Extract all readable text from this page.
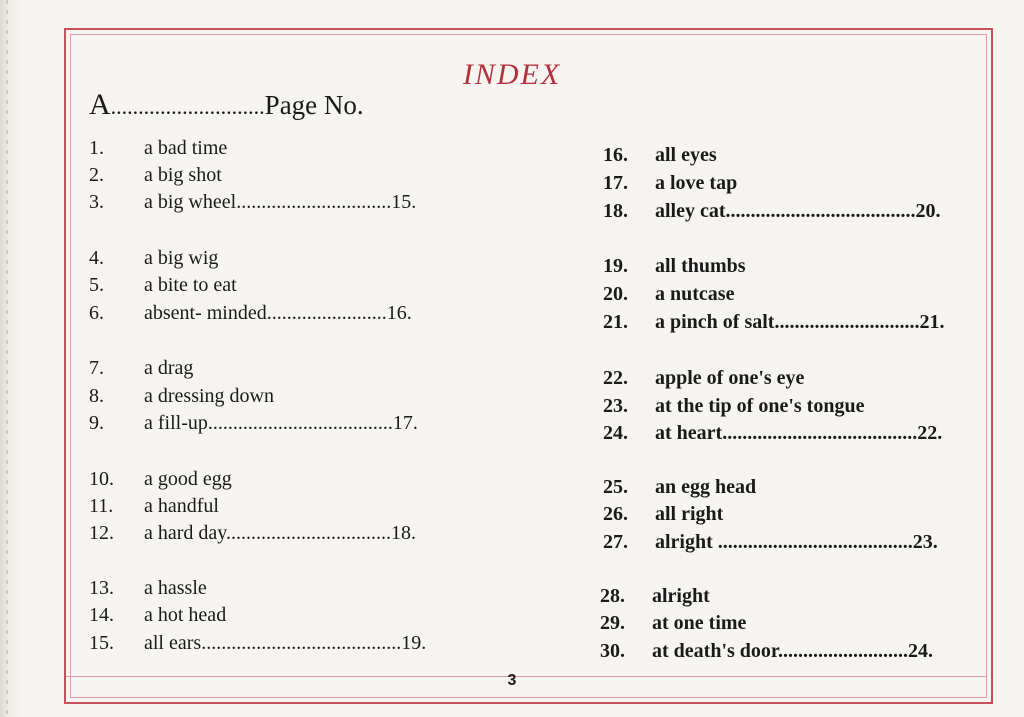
INDEX
A............................Page No.
1. a bad time
2. a big shot
3. a big wheel...............................15.
4. a big wig
5. a bite to eat
6. absent- minded........................16.
7. a drag
8. a dressing down
9. a fill-up.....................................17.
10. a good egg
11. a handful
12. a hard day.................................18.
13. a hassle
14. a hot head
15. all ears........................................19.
16. all eyes
17. a love tap
18. alley cat......................................20.
19. all thumbs
20. a nutcase
21. a pinch of salt.............................21.
22. apple of one's eye
23. at the tip of one's tongue
24. at heart.......................................22.
25. an egg head
26. all right
27. alright .......................................23.
28. alright
29. at one time
30. at death's door..........................24.
3
